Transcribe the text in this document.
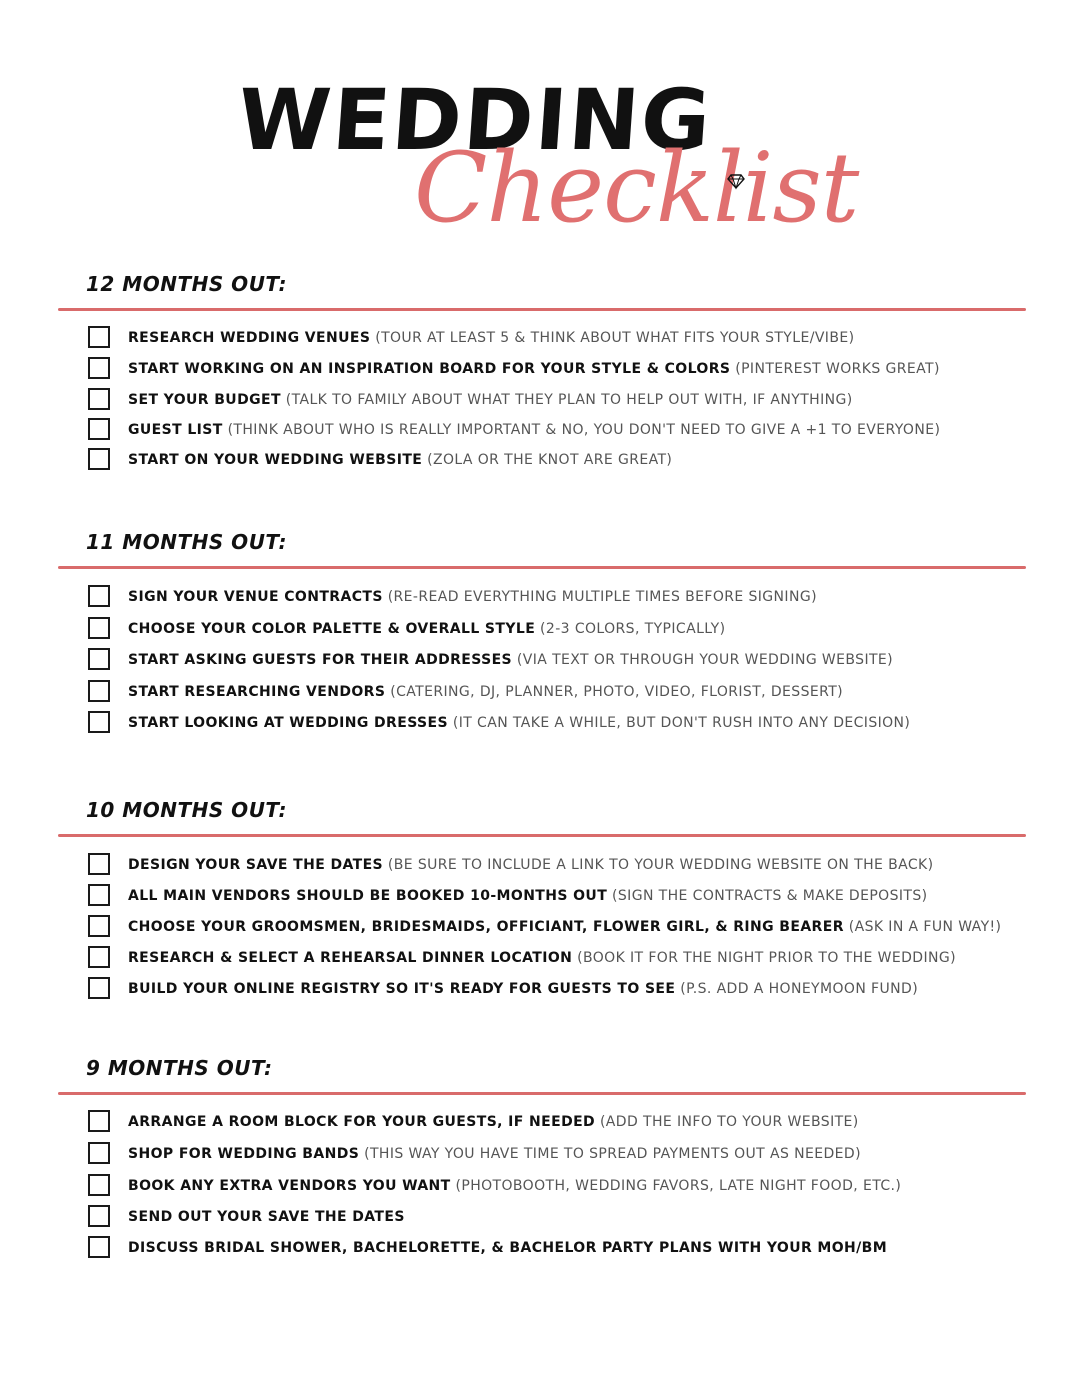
WEDDING
Checklist
12 MONTHS OUT:
RESEARCH WEDDING VENUES (TOUR AT LEAST 5 & THINK ABOUT WHAT FITS YOUR STYLE/VIBE)
START WORKING ON AN INSPIRATION BOARD FOR YOUR STYLE & COLORS (PINTEREST WORKS GREAT)
SET YOUR BUDGET (TALK TO FAMILY ABOUT WHAT THEY PLAN TO HELP OUT WITH, IF ANYTHING)
GUEST LIST (THINK ABOUT WHO IS REALLY IMPORTANT & NO, YOU DON'T NEED TO GIVE A +1 TO EVERYONE)
START ON YOUR WEDDING WEBSITE (ZOLA OR THE KNOT ARE GREAT)
11 MONTHS OUT:
SIGN YOUR VENUE CONTRACTS (RE-READ EVERYTHING MULTIPLE TIMES BEFORE SIGNING)
CHOOSE YOUR COLOR PALETTE & OVERALL STYLE (2-3 COLORS, TYPICALLY)
START ASKING GUESTS FOR THEIR ADDRESSES (VIA TEXT OR THROUGH YOUR WEDDING WEBSITE)
START RESEARCHING VENDORS (CATERING, DJ, PLANNER, PHOTO, VIDEO, FLORIST, DESSERT)
START LOOKING AT WEDDING DRESSES (IT CAN TAKE A WHILE, BUT DON'T RUSH INTO ANY DECISION)
10 MONTHS OUT:
DESIGN YOUR SAVE THE DATES (BE SURE TO INCLUDE A LINK TO YOUR WEDDING WEBSITE ON THE BACK)
ALL MAIN VENDORS SHOULD BE BOOKED 10-MONTHS OUT (SIGN THE CONTRACTS & MAKE DEPOSITS)
CHOOSE YOUR GROOMSMEN, BRIDESMAIDS, OFFICIANT, FLOWER GIRL, & RING BEARER (ASK IN A FUN WAY!)
RESEARCH & SELECT A REHEARSAL DINNER LOCATION (BOOK IT FOR THE NIGHT PRIOR TO THE WEDDING)
BUILD YOUR ONLINE REGISTRY SO IT'S READY FOR GUESTS TO SEE (P.S. ADD A HONEYMOON FUND)
9 MONTHS OUT:
ARRANGE A ROOM BLOCK FOR YOUR GUESTS, IF NEEDED (ADD THE INFO TO YOUR WEBSITE)
SHOP FOR WEDDING BANDS (THIS WAY YOU HAVE TIME TO SPREAD PAYMENTS OUT AS NEEDED)
BOOK ANY EXTRA VENDORS YOU WANT (PHOTOBOOTH, WEDDING FAVORS, LATE NIGHT FOOD, ETC.)
SEND OUT YOUR SAVE THE DATES
DISCUSS BRIDAL SHOWER, BACHELORETTE, & BACHELOR PARTY PLANS WITH YOUR MOH/BM
